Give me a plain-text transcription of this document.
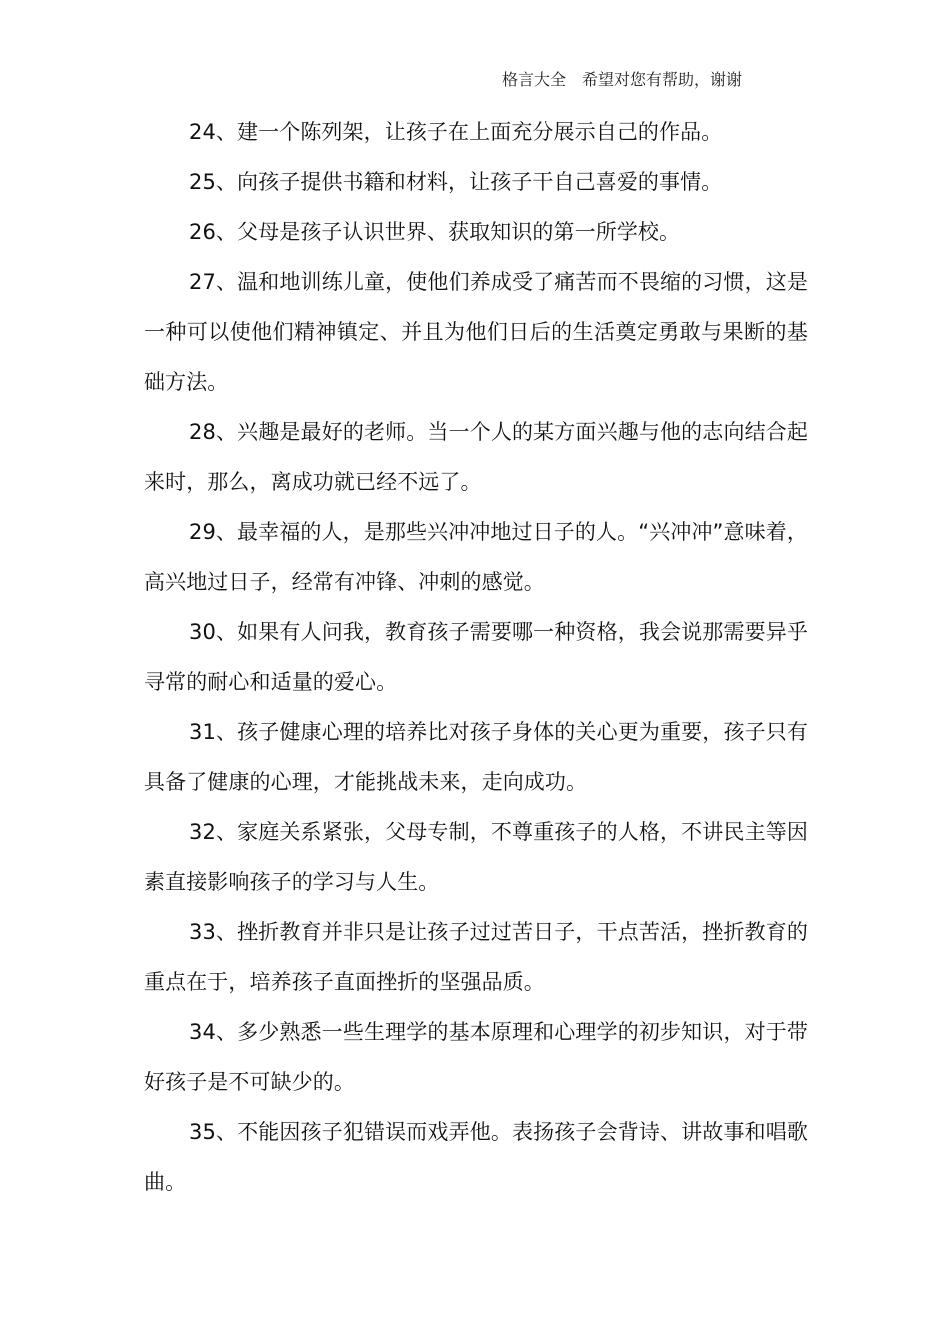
格言大全　希望对您有帮助，谢谢

24、建一个陈列架，让孩子在上面充分展示自己的作品。

25、向孩子提供书籍和材料，让孩子干自己喜爱的事情。

26、父母是孩子认识世界、获取知识的第一所学校。

27、温和地训练儿童，使他们养成受了痛苦而不畏缩的习惯，这是一种可以使他们精神镇定、并且为他们日后的生活奠定勇敢与果断的基础方法。

28、兴趣是最好的老师。当一个人的某方面兴趣与他的志向结合起来时，那么，离成功就已经不远了。

29、最幸福的人，是那些兴冲冲地过日子的人。“兴冲冲”意味着，高兴地过日子，经常有冲锋、冲刺的感觉。

30、如果有人问我，教育孩子需要哪一种资格，我会说那需要异乎寻常的耐心和适量的爱心。

31、孩子健康心理的培养比对孩子身体的关心更为重要，孩子只有具备了健康的心理，才能挑战未来，走向成功。

32、家庭关系紧张，父母专制，不尊重孩子的人格，不讲民主等因素直接影响孩子的学习与人生。

33、挫折教育并非只是让孩子过过苦日子，干点苦活，挫折教育的重点在于，培养孩子直面挫折的坚强品质。

34、多少熟悉一些生理学的基本原理和心理学的初步知识，对于带好孩子是不可缺少的。

35、不能因孩子犯错误而戏弄他。表扬孩子会背诗、讲故事和唱歌曲。
